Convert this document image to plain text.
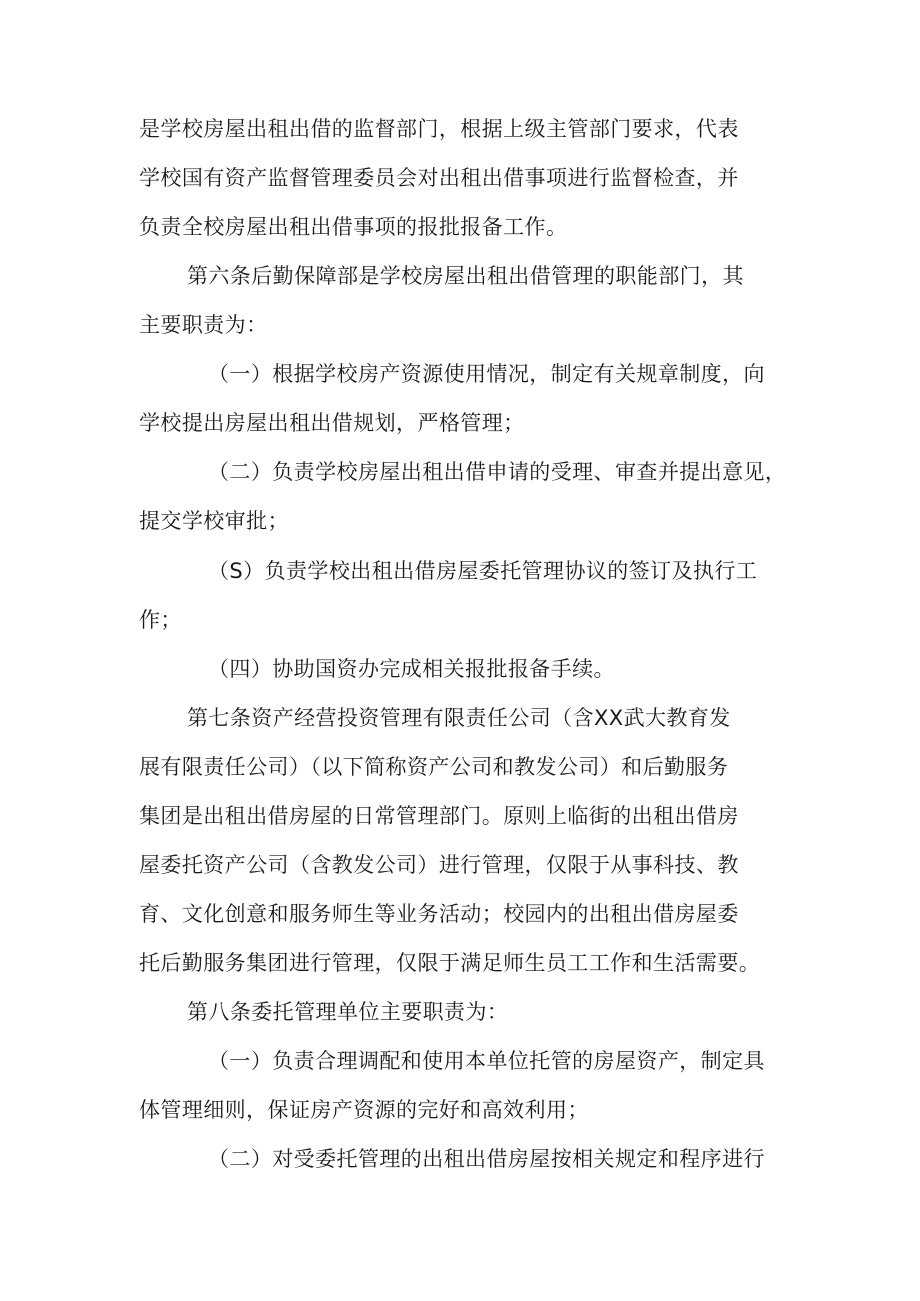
是学校房屋出租出借的监督部门，根据上级主管部门要求，代表
学校国有资产监督管理委员会对出租出借事项进行监督检查，并
负责全校房屋出租出借事项的报批报备工作。
第六条后勤保障部是学校房屋出租出借管理的职能部门，其
主要职责为：
（一）根据学校房产资源使用情况，制定有关规章制度，向
学校提出房屋出租出借规划，严格管理；
（二）负责学校房屋出租出借申请的受理、审查并提出意见，
提交学校审批；
（S）负责学校出租出借房屋委托管理协议的签订及执行工
作；
（四）协助国资办完成相关报批报备手续。
第七条资产经营投资管理有限责任公司（含XX武大教育发
展有限责任公司）（以下简称资产公司和教发公司）和后勤服务
集团是出租出借房屋的日常管理部门。原则上临街的出租出借房
屋委托资产公司（含教发公司）进行管理，仅限于从事科技、教
育、文化创意和服务师生等业务活动；校园内的出租出借房屋委
托后勤服务集团进行管理，仅限于满足师生员工工作和生活需要。
第八条委托管理单位主要职责为：
（一）负责合理调配和使用本单位托管的房屋资产，制定具
体管理细则，保证房产资源的完好和高效利用；
（二）对受委托管理的出租出借房屋按相关规定和程序进行
